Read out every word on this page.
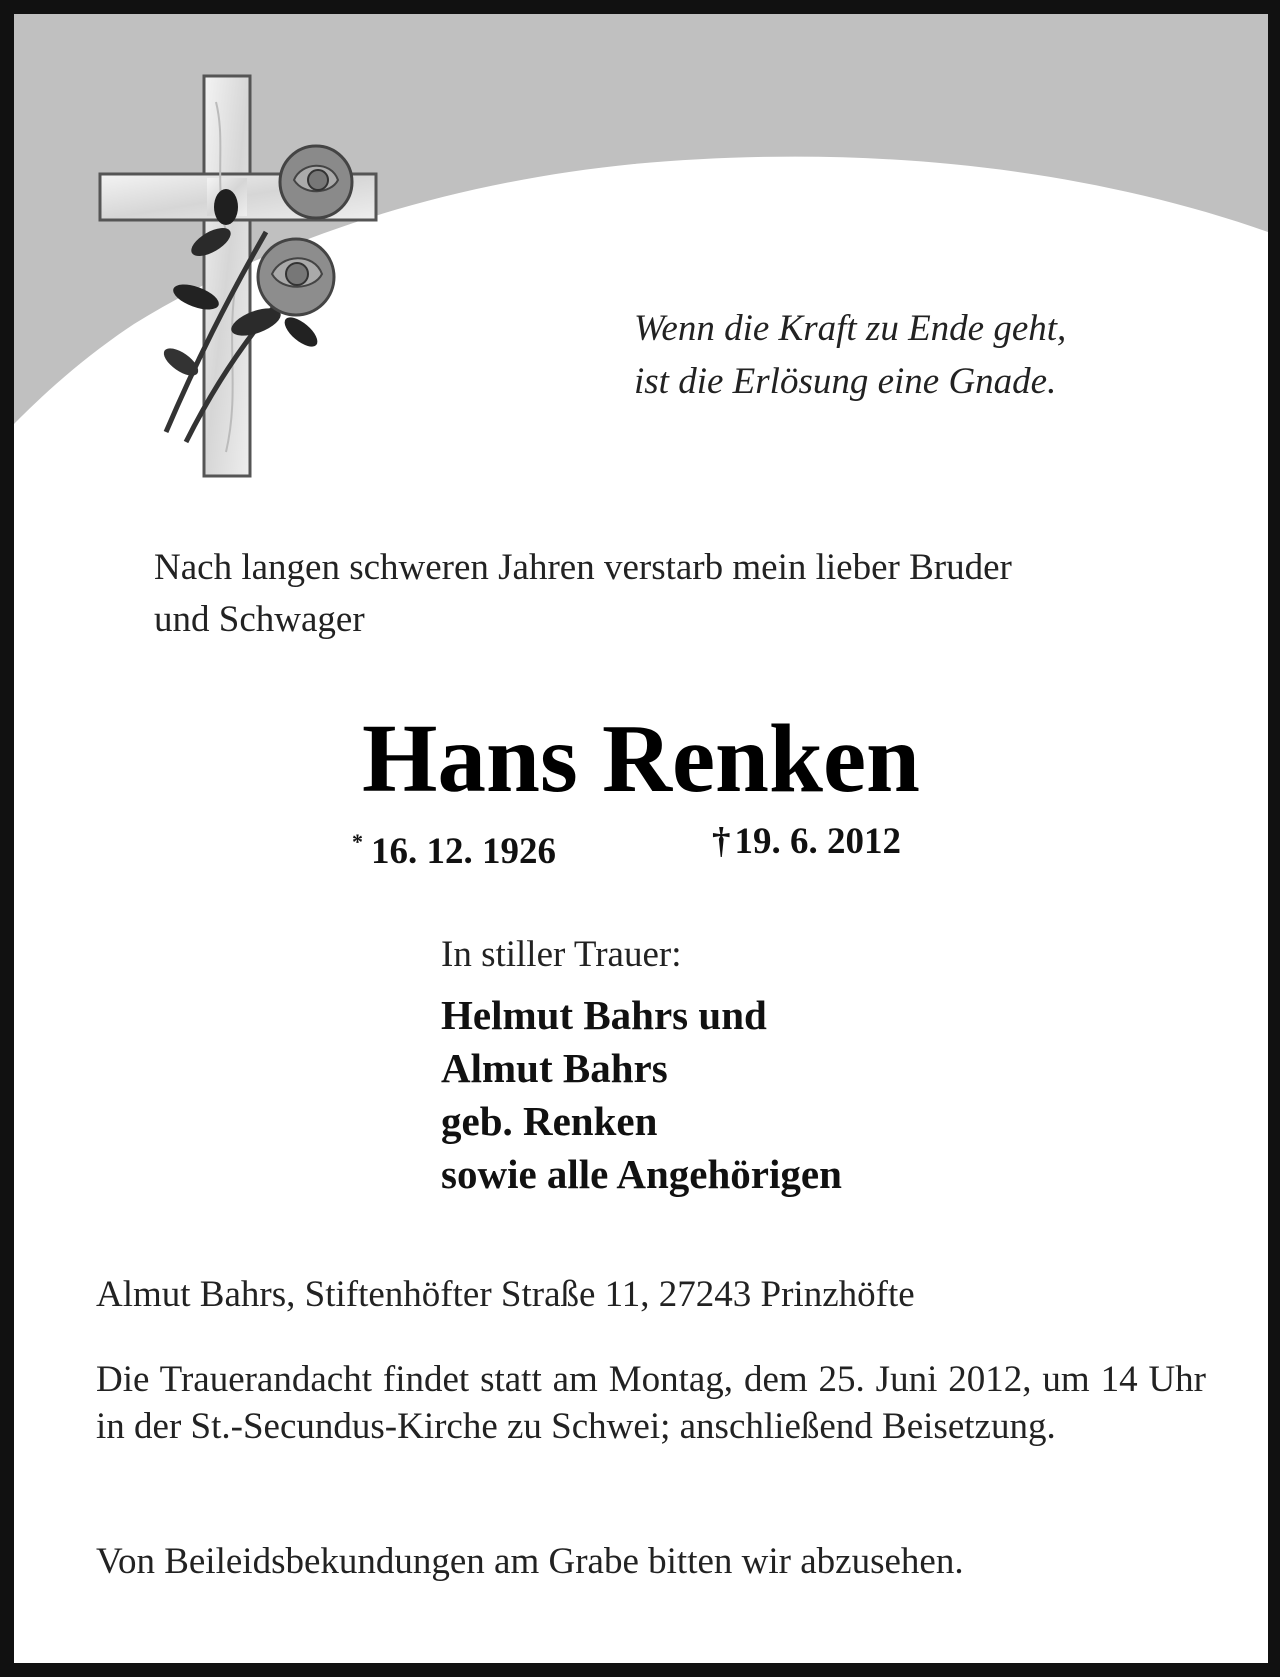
Wenn die Kraft zu Ende geht,
ist die Erlösung eine Gnade.
Nach langen schweren Jahren verstarb mein lieber Bruder
und Schwager
Hans Renken
* 16. 12. 1926	† 19. 6. 2012
In stiller Trauer:
Helmut Bahrs und
Almut Bahrs
geb. Renken
sowie alle Angehörigen
Almut Bahrs, Stiftenhöfter Straße 11, 27243 Prinzhöfte
Die Trauerandacht findet statt am Montag, dem 25. Juni 2012, um 14 Uhr in der St.-Secundus-Kirche zu Schwei; anschließend Beisetzung.
Von Beileidsbekundungen am Grabe bitten wir abzusehen.
